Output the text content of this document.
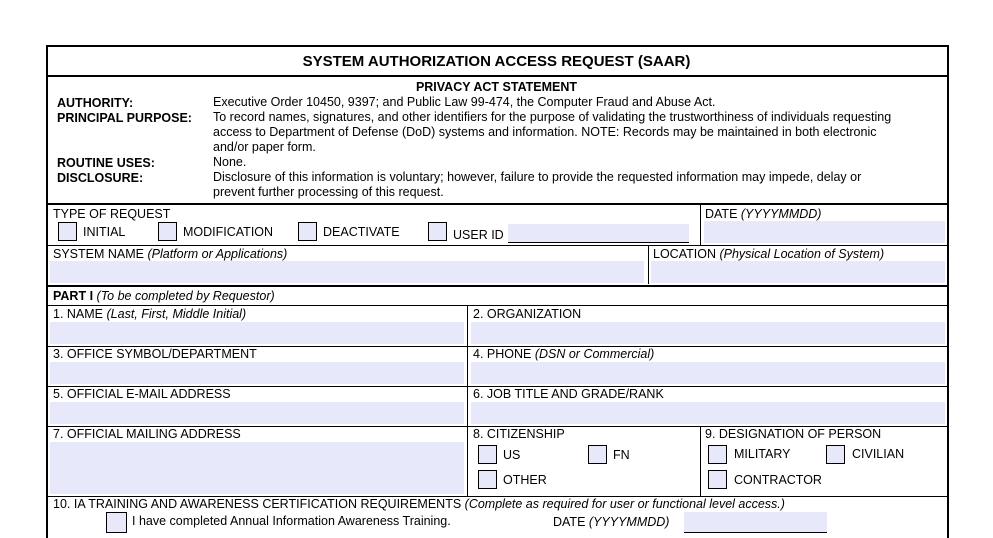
SYSTEM AUTHORIZATION ACCESS REQUEST (SAAR)
PRIVACY ACT STATEMENT
AUTHORITY:	Executive Order 10450, 9397; and Public Law 99-474, the Computer Fraud and Abuse Act.
PRINCIPAL PURPOSE: To record names, signatures, and other identifiers for the purpose of validating the trustworthiness of individuals requesting
access to Department of Defense (DoD) systems and information. NOTE: Records may be maintained in both electronic
and/or paper form.
ROUTINE USES:	None.
DISCLOSURE:	Disclosure of this information is voluntary; however, failure to provide the requested information may impede, delay or
prevent further processing of this request.
TYPE OF REQUEST	DATE (YYYYMMDD)
INITIAL	MODIFICATION	DEACTIVATE	USER ID
SYSTEM NAME (Platform or Applications)	LOCATION (Physical Location of System)
PART I (To be completed by Requestor)
1. NAME (Last, First, Middle Initial)	2. ORGANIZATION
3. OFFICE SYMBOL/DEPARTMENT	4. PHONE (DSN or Commercial)
5. OFFICIAL E-MAIL ADDRESS	6. JOB TITLE AND GRADE/RANK
7. OFFICIAL MAILING ADDRESS	8. CITIZENSHIP
US	FN
OTHER
9. DESIGNATION OF PERSON
MILITARY	CIVILIAN
CONTRACTOR
10. IA TRAINING AND AWARENESS CERTIFICATION REQUIREMENTS (Complete as required for user or functional level access.)
I have completed Annual Information Awareness Training.	DATE (YYYYMMDD)
